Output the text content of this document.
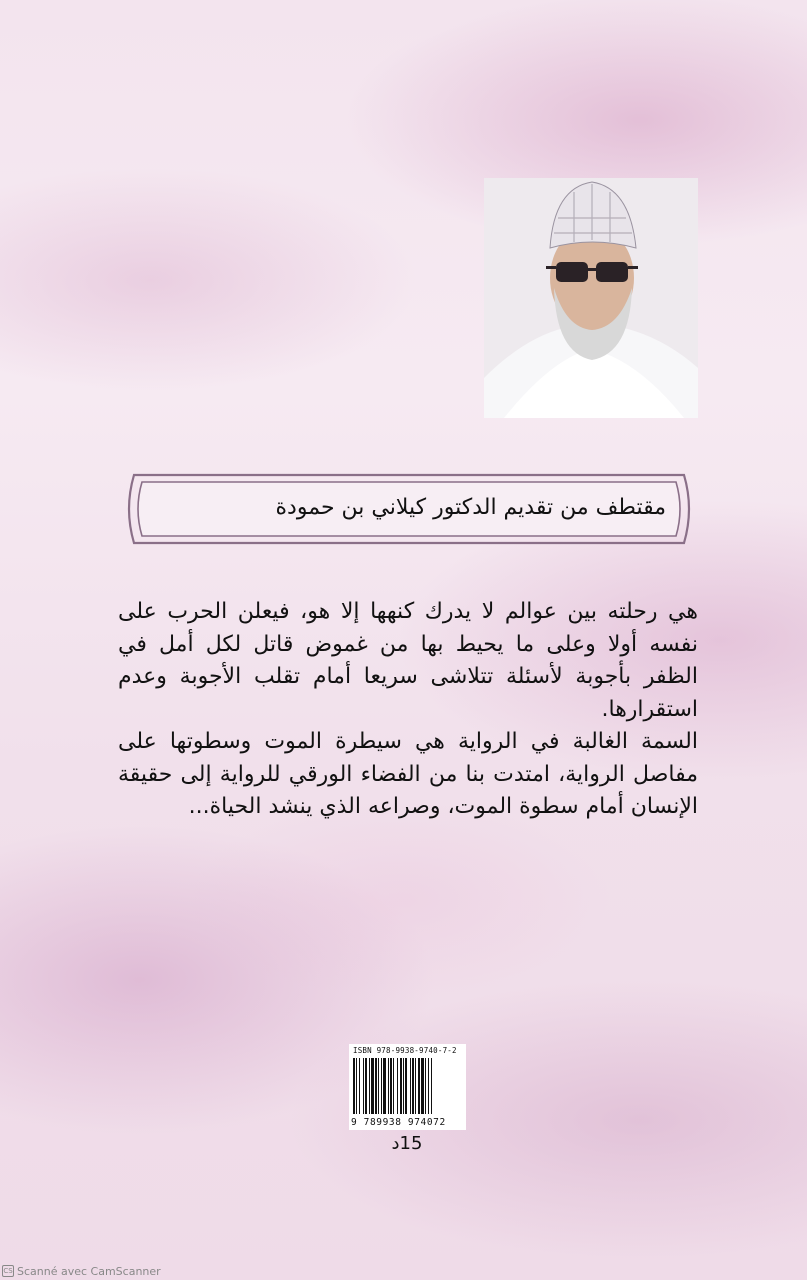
مقتطف من تقديم الدكتور كيلاني بن حمودة

هي رحلته بين عوالم لا يدرك كنهها إلا هو، فيعلن الحرب على نفسه أولا وعلى ما يحيط بها من غموض قاتل لكل أمل في الظفر بأجوبة لأسئلة تتلاشى سريعا أمام تقلب الأجوبة وعدم استقرارها.

السمة الغالبة في الرواية هي سيطرة الموت وسطوتها على مفاصل الرواية، امتدت بنا من الفضاء الورقي للرواية إلى حقيقة الإنسان أمام سطوة الموت، وصراعه الذي ينشد الحياة...

ISBN 978-9938-9740-7-2
9 789938 974072
15د
CS Scanné avec CamScanner
